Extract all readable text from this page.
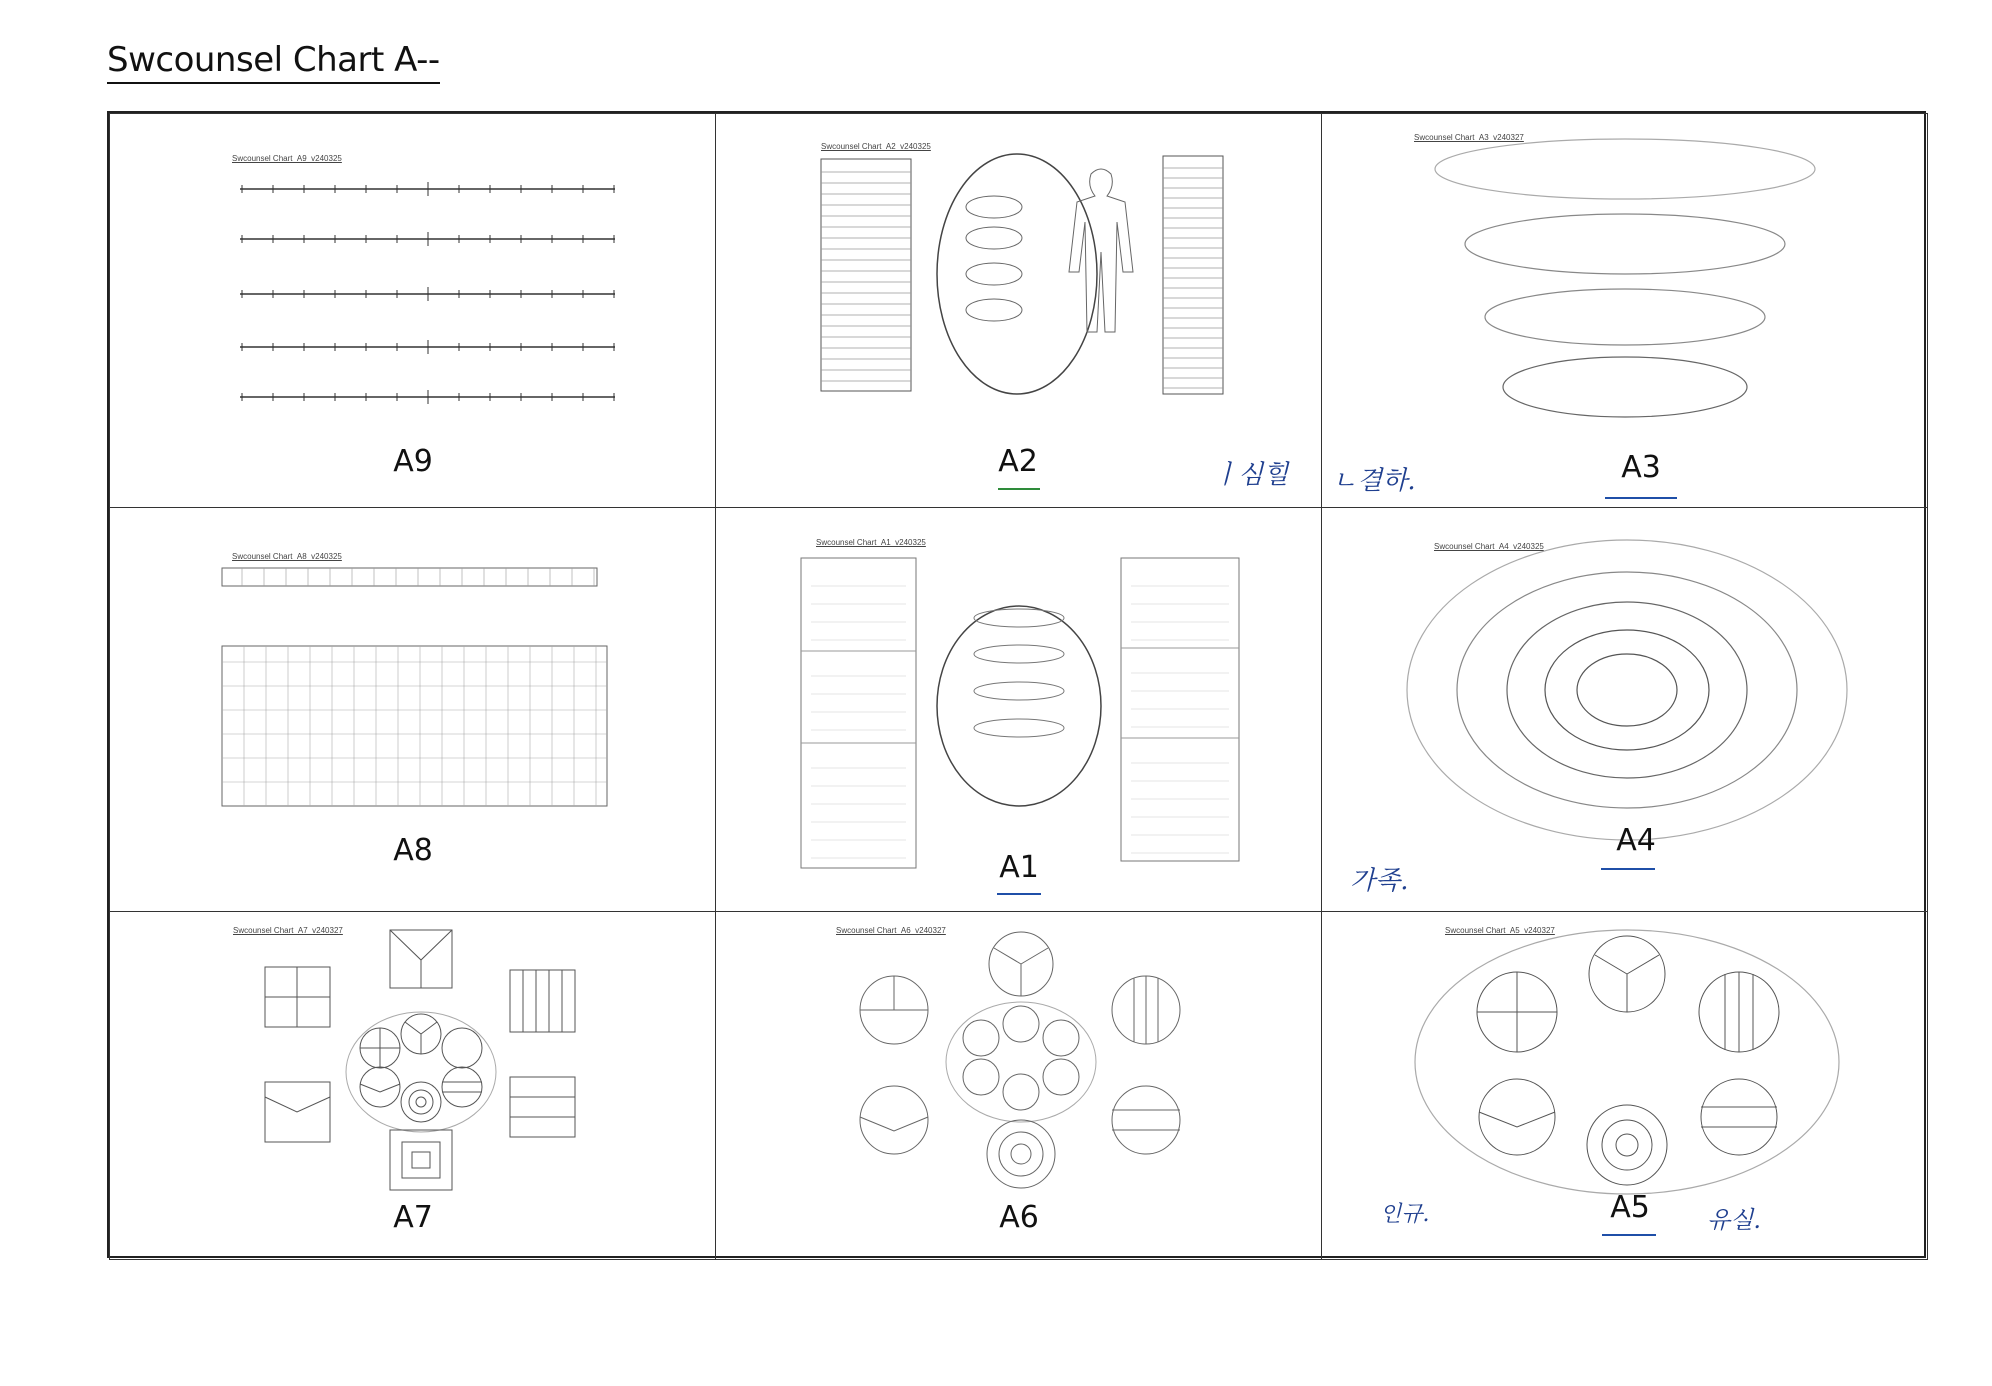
Swcounsel Chart A--
Swcounsel Chart_A9_v240325
A9
Swcounsel Chart_A2_v240325
A2	ㅣ심힐
Swcounsel Chart_A3_v240327
A3
ㄴ결하.
Swcounsel Chart_A8_v240325
A8
Swcounsel Chart_A1_v240325
A1
Swcounsel Chart_A4_v240325
A4
가족.
Swcounsel Chart_A7_v240327
A7
Swcounsel Chart_A6_v240327
A6
Swcounsel Chart_A5_v240327
A5
인규.	유실.
